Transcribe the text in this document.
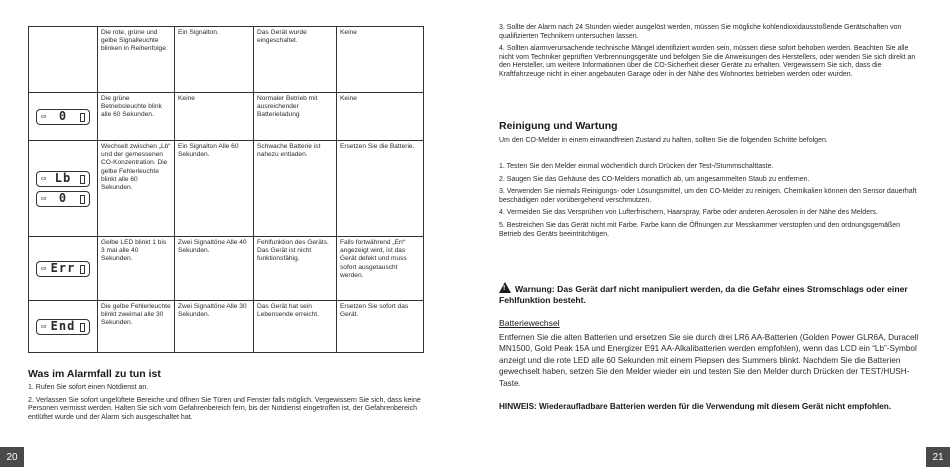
	Die rote, grüne und gelbe Signalleuchte blinken in Reihenfolge.	Ein Signalton.	Das Gerät wurde eingeschaltet.	Keine

co 0	Die grüne Betriebsleuchte blink alle 60 Sekunden.	Keine	Normaler Betrieb mit ausreichender Batterieladung	Keine

co Lb
co 0	Wechselt zwischen „Lb“ und der gemessenen CO-Konzentration. Die gelbe Fehlerleuchte blinkt alle 60 Sekunden.	Ein Signalton Alle 60 Sekunden.	Schwache Batterie ist nahezu entladen.	Ersetzen Sie die Batterie.

co Err	Gelbe LED blinkt 1 bis 3 mal alle 40 Sekunden.	Zwei Signaltöne Alle 40 Sekunden.	Fehlfunktion des Geräts. Das Gerät ist nicht funktionsfähig.	Falls fortwährend „Err“ angezeigt wird, ist das Gerät defekt und muss sofort ausgetauscht werden.

co End	Die gelbe Fehlerleuchte blinkt zweimal alle 30 Sekunden.	Zwei Signaltöne Alle 30 Sekunden.	Das Gerät hat sein Lebensende erreicht.	Ersetzen Sie sofort das Gerät.
Was im Alarmfall zu tun ist
1. Rufen Sie sofort einen Notdienst an.
2. Verlassen Sie sofort ungelüftete Bereiche und öffnen Sie Türen und Fenster falls möglich. Vergewissern Sie sich, dass keine Personen vermisst werden. Halten Sie sich vom Gefahrenbereich fern, bis der Notdienst eingetroffen ist, der Gefahrenbereich entlüftet wurde und der Alarm sich ausgeschaltet hat.
20
3. Sollte der Alarm nach 24 Stunden wieder ausgelöst werden, müssen Sie mögliche kohlendioxidausstoßende Gerätschaften von qualifizierten Technikern untersuchen lassen.
4. Sollten alarmverursachende technische Mängel identifiziert worden sein, müssen diese sofort behoben werden. Beachten Sie alle nicht vom Techniker geprüften Verbrennungsgeräte und befolgen Sie die Anweisungen des Herstellers, oder wenden Sie sich direkt an den Hersteller, um weitere Informationen über die CO-Sicherheit dieser Geräte zu erhalten. Vergewissern Sie sich, dass die Kraftfahrzeuge nicht in einer angebauten Garage oder in der Nähe des Wohnortes betrieben werden oder wurden.
Reinigung und Wartung
Um den CO-Melder in einem einwandfreien Zustand zu halten, sollten Sie die folgenden Schritte befolgen.
1. Testen Sie den Melder einmal wöchentlich durch Drücken der Test-/Stummschalttaste.
2. Saugen Sie das Gehäuse des CO-Melders monatlich ab, um angesammelten Staub zu entfernen.
3. Verwenden Sie niemals Reinigungs- oder Lösungsmittel, um den CO-Melder zu reinigen. Chemikalien können den Sensor dauerhaft beschädigen oder vorübergehend verschmutzen.
4. Vermeiden Sie das Versprühen von Lufterfrischern, Haarspray, Farbe oder anderen Aerosolen in der Nähe des Melders.
5. Bestreichen Sie das Gerät nicht mit Farbe. Farbe kann die Öffnungen zur Messkammer verstopfen und den ordnungsgemäßen Betrieb des Geräts beeinträchtigen.
!Warnung: Das Gerät darf nicht manipuliert werden, da die Gefahr eines Stromschlags oder einer Fehlfunktion besteht.
Batteriewechsel
Entfernen Sie die alten Batterien und ersetzen Sie sie durch drei LR6 AA-Batterien (Golden Power GLR6A, Duracell MN1500, Gold Peak 15A und Energizer E91 AA-Alkalibatterien werden empfohlen), wenn das LCD ein “Lb”-Symbol anzeigt und die rote LED alle 60 Sekunden mit einem Piepsen des Summers blinkt. Nachdem Sie die Batterien gewechselt haben, setzen Sie den Melder wieder ein und testen Sie den Melder durch Drücken der TEST/HUSH-Taste.
HINWEIS: Wiederaufladbare Batterien werden für die Verwendung mit diesem Gerät nicht empfohlen.
21
